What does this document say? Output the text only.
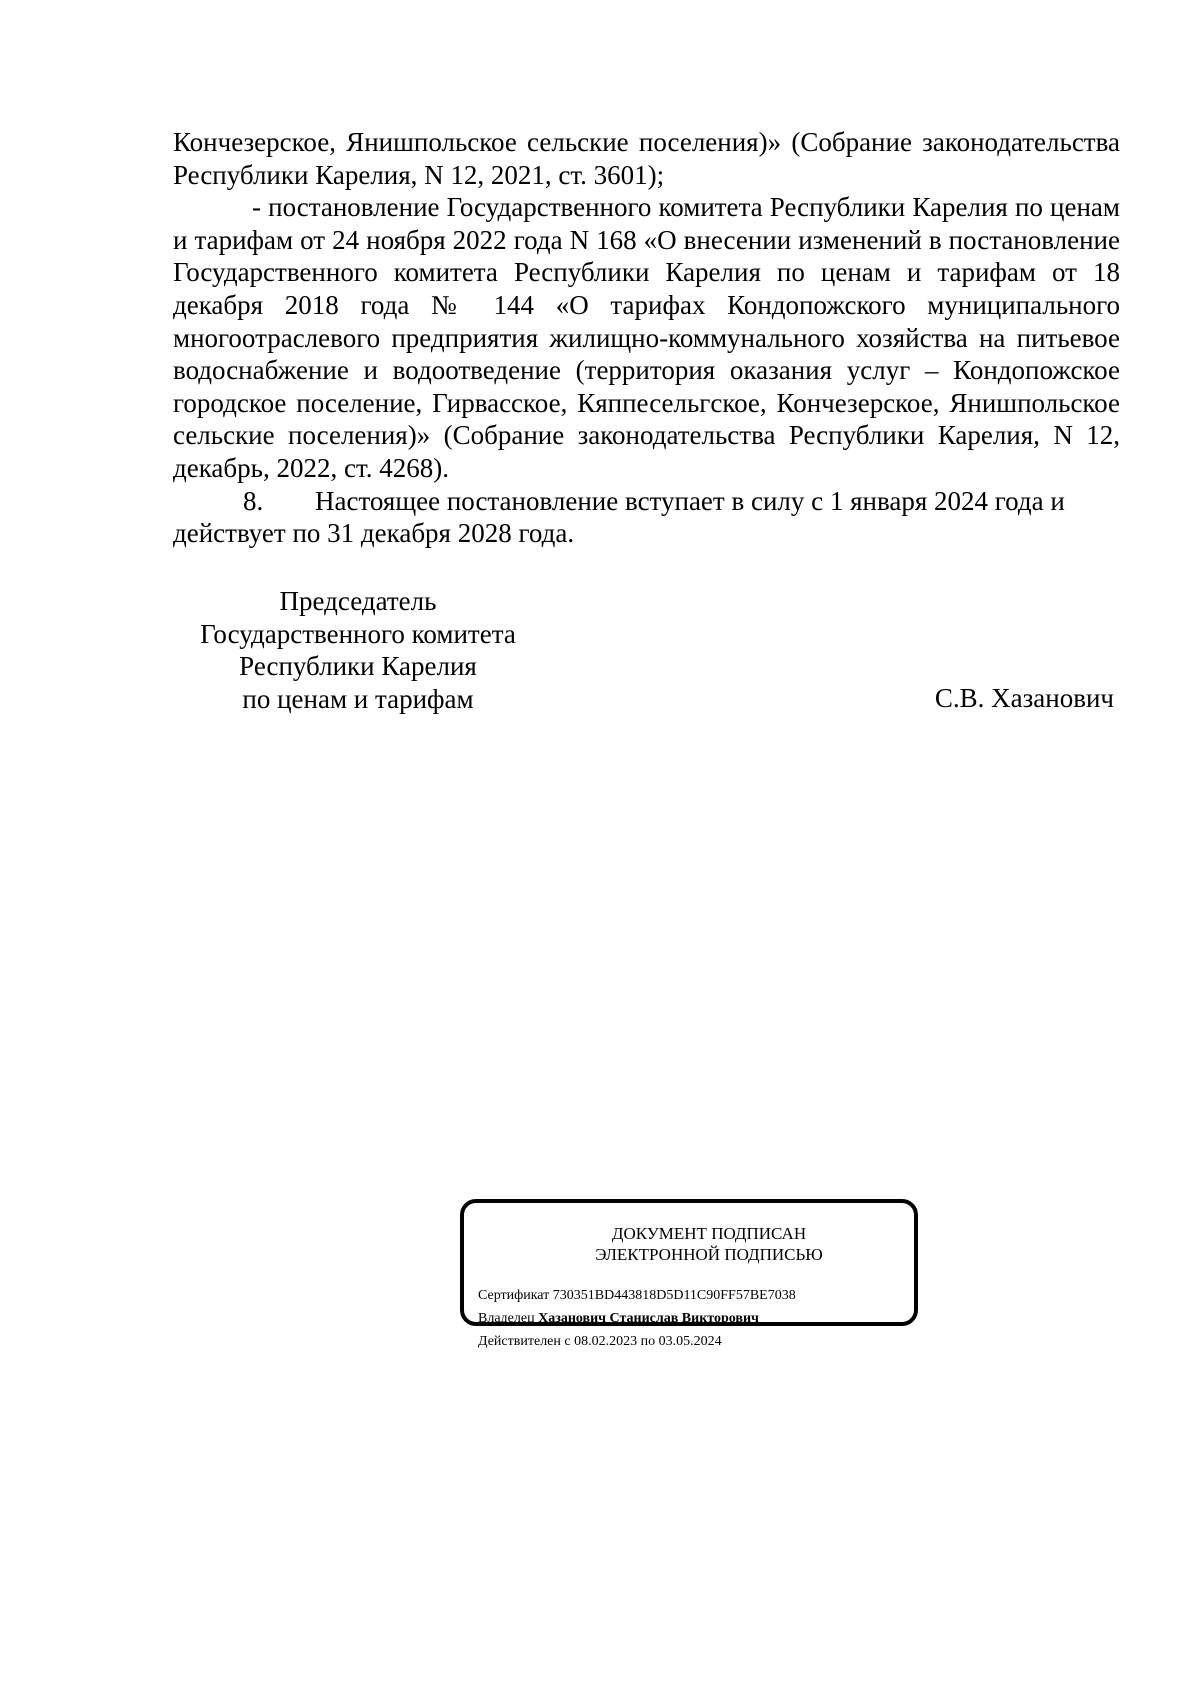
Кончезерское, Янишпольское сельские поселения)» (Собрание законодательства Республики Карелия, N 12, 2021, ст. 3601);

- постановление Государственного комитета Республики Карелия по ценам и тарифам от 24 ноября 2022 года N 168 «О внесении изменений в постановление Государственного комитета Республики Карелия по ценам и тарифам от 18 декабря 2018 года № 144 «О тарифах Кондопожского муниципального многоотраслевого предприятия жилищно-коммунального хозяйства на питьевое водоснабжение и водоотведение (территория оказания услуг – Кондопожское городское поселение, Гирвасское, Кяппесельгское, Кончезерское, Янишпольское сельские поселения)» (Собрание законодательства Республики Карелия, N 12, декабрь, 2022, ст. 4268).

8. Настоящее постановление вступает в силу с 1 января 2024 года и действует по 31 декабря 2028 года.

Председатель
Государственного комитета
Республики Карелия
по ценам и тарифам	С.В. Хазанович
ДОКУМЕНТ ПОДПИСАН
ЭЛЕКТРОННОЙ ПОДПИСЬЮ
Сертификат 730351BD443818D5D11C90FF57BE7038
Владелец Хазанович Станислав Викторович
Действителен с 08.02.2023 по 03.05.2024
